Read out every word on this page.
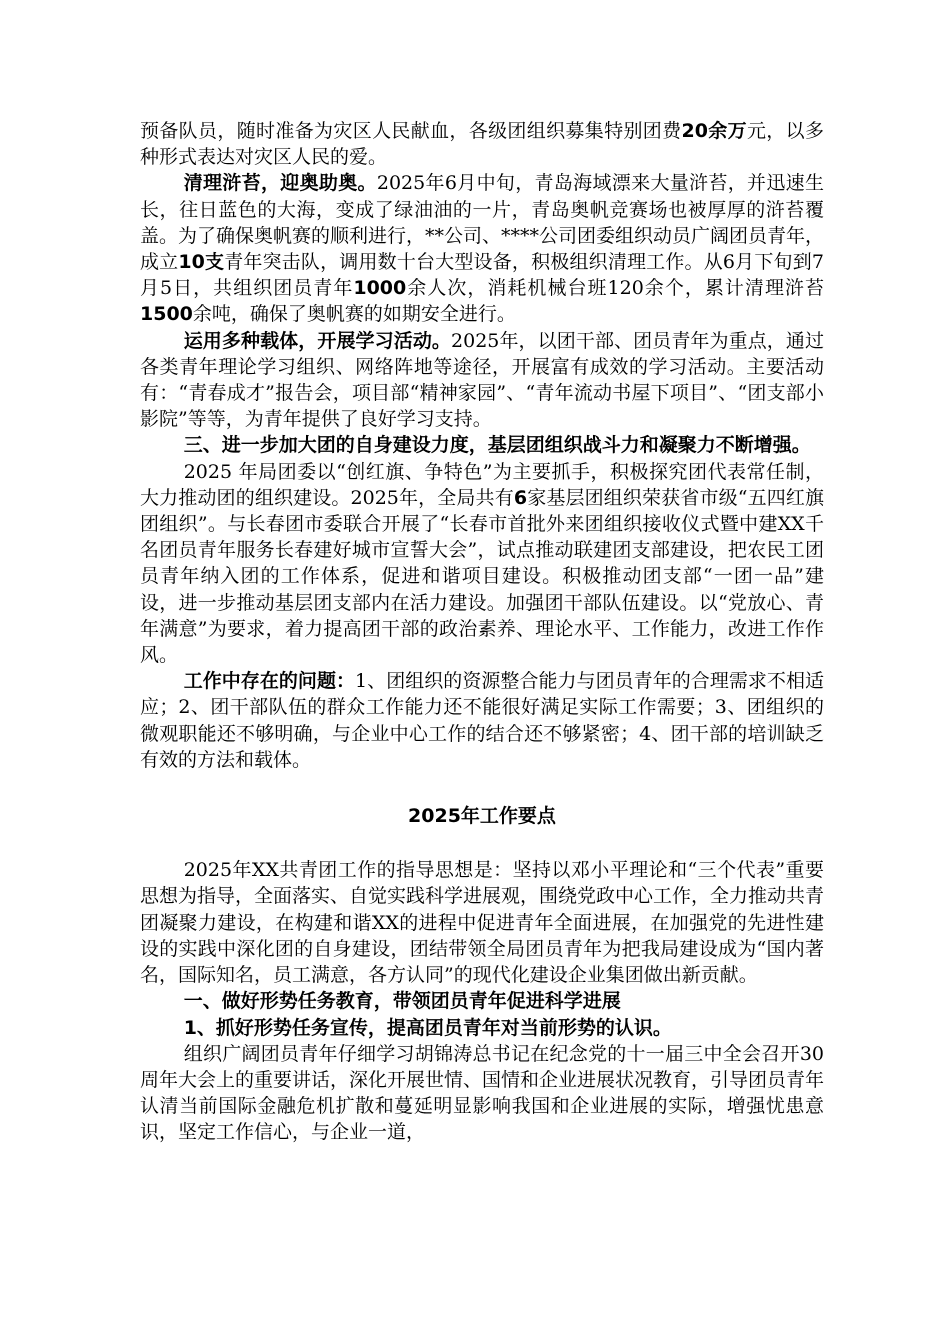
预备队员，随时准备为灾区人民献血，各级团组织募集特别团费20余万元，以多种形式表达对灾区人民的爱。

清理浒苔，迎奥助奥。2025年6月中旬，青岛海域漂来大量浒苔，并迅速生长，往日蓝色的大海，变成了绿油油的一片，青岛奥帆竞赛场也被厚厚的浒苔覆盖。为了确保奥帆赛的顺利进行，**公司、****公司团委组织动员广阔团员青年，成立10支青年突击队，调用数十台大型设备，积极组织清理工作。从6月下旬到7月5日，共组织团员青年1000余人次，消耗机械台班120余个，累计清理浒苔1500余吨，确保了奥帆赛的如期安全进行。

运用多种载体，开展学习活动。2025年，以团干部、团员青年为重点，通过各类青年理论学习组织、网络阵地等途径，开展富有成效的学习活动。主要活动有：“青春成才”报告会，项目部“精神家园”、“青年流动书屋下项目”、“团支部小影院”等等，为青年提供了良好学习支持。

三、进一步加大团的自身建设力度，基层团组织战斗力和凝聚力不断增强。

2025 年局团委以“创红旗、争特色”为主要抓手，积极探究团代表常任制，大力推动团的组织建设。2025年，全局共有6家基层团组织荣获省市级“五四红旗团组织”。与长春团市委联合开展了“长春市首批外来团组织接收仪式暨中建XX千名团员青年服务长春建好城市宣誓大会”，试点推动联建团支部建设，把农民工团员青年纳入团的工作体系，促进和谐项目建设。积极推动团支部“一团一品”建设，进一步推动基层团支部内在活力建设。加强团干部队伍建设。以“党放心、青年满意”为要求，着力提高团干部的政治素养、理论水平、工作能力，改进工作作风。

工作中存在的问题：1、团组织的资源整合能力与团员青年的合理需求不相适应；2、团干部队伍的群众工作能力还不能很好满足实际工作需要；3、团组织的微观职能还不够明确，与企业中心工作的结合还不够紧密；4、团干部的培训缺乏有效的方法和载体。

2025年工作要点

2025年XX共青团工作的指导思想是：坚持以邓小平理论和“三个代表”重要思想为指导，全面落实、自觉实践科学进展观，围绕党政中心工作，全力推动共青团凝聚力建设，在构建和谐XX的进程中促进青年全面进展，在加强党的先进性建设的实践中深化团的自身建设，团结带领全局团员青年为把我局建设成为“国内著名，国际知名，员工满意，各方认同”的现代化建设企业集团做出新贡献。

一、做好形势任务教育，带领团员青年促进科学进展

1、抓好形势任务宣传，提高团员青年对当前形势的认识。

组织广阔团员青年仔细学习胡锦涛总书记在纪念党的十一届三中全会召开30周年大会上的重要讲话，深化开展世情、国情和企业进展状况教育，引导团员青年认清当前国际金融危机扩散和蔓延明显影响我国和企业进展的实际，增强忧患意识，坚定工作信心，与企业一道，
